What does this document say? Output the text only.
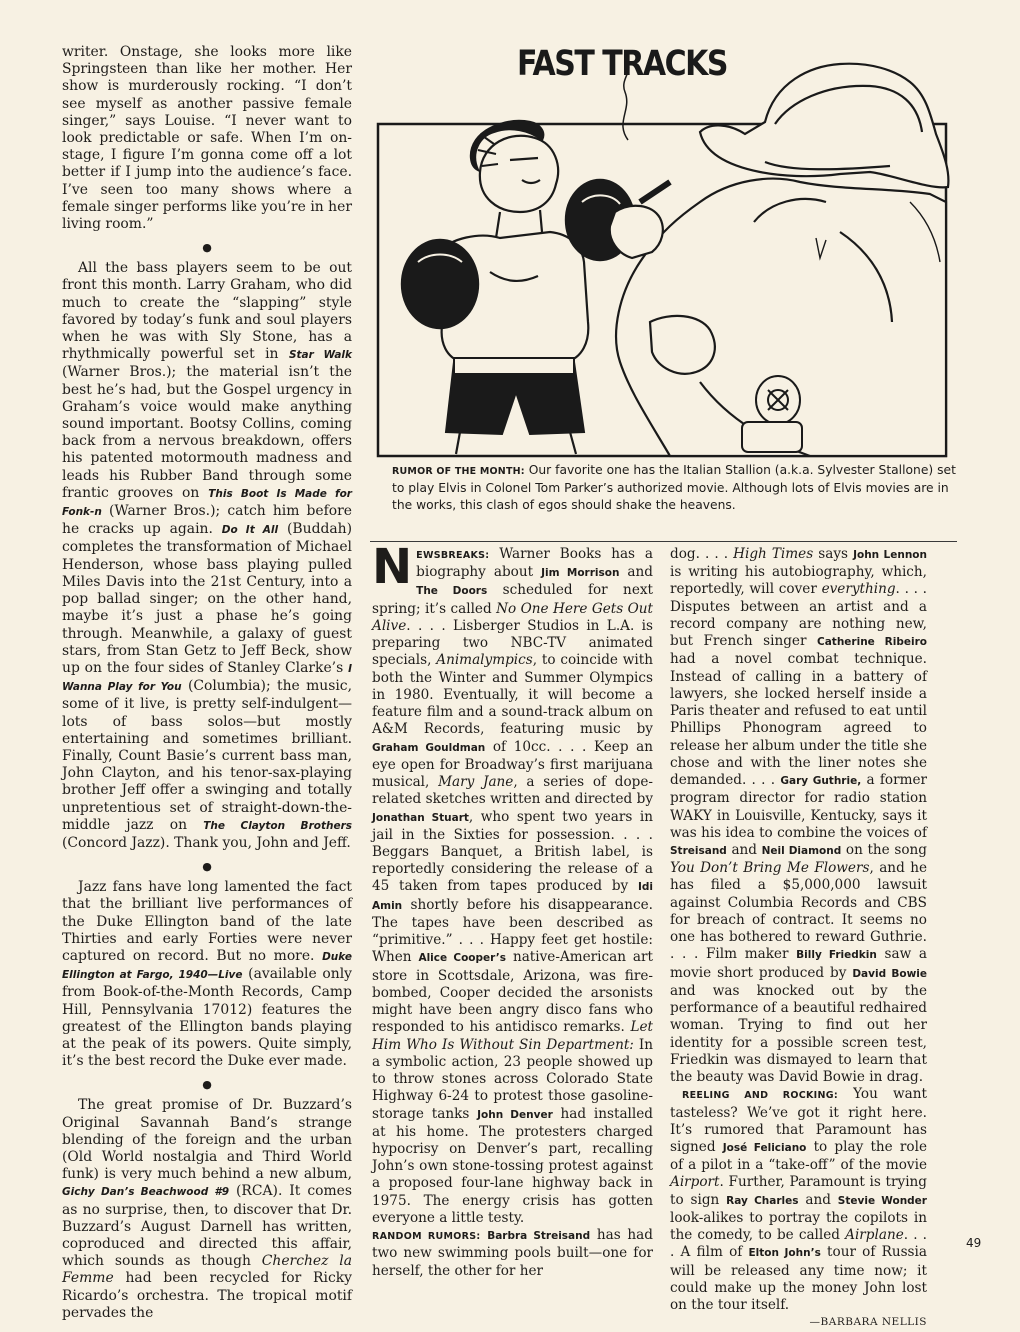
writer. Onstage, she looks more like Springsteen than like her mother. Her show is murderously rocking. “I don’t see myself as another passive female singer,” says Louise. “I never want to look predictable or safe. When I’m on-stage, I figure I’m gonna come off a lot better if I jump into the audience’s face. I’ve seen too many shows where a female singer performs like you’re in her living room.”

●

All the bass players seem to be out front this month. Larry Graham, who did much to create the “slapping” style favored by today’s funk and soul players when he was with Sly Stone, has a rhythmically powerful set in Star Walk (Warner Bros.); the material isn’t the best he’s had, but the Gospel urgency in Graham’s voice would make anything sound important. Bootsy Collins, coming back from a nervous breakdown, offers his patented motormouth madness and leads his Rubber Band through some frantic grooves on This Boot Is Made for Fonk-n (Warner Bros.); catch him before he cracks up again. Do It All (Buddah) completes the transformation of Michael Henderson, whose bass playing pulled Miles Davis into the 21st Century, into a pop ballad singer; on the other hand, maybe it’s just a phase he’s going through. Meanwhile, a galaxy of guest stars, from Stan Getz to Jeff Beck, show up on the four sides of Stanley Clarke’s I Wanna Play for You (Columbia); the music, some of it live, is pretty self-indulgent—lots of bass solos—but mostly entertaining and sometimes brilliant. Finally, Count Basie’s current bass man, John Clayton, and his tenor-sax-playing brother Jeff offer a swinging and totally unpretentious set of straight-down-the-middle jazz on The Clayton Brothers (Concord Jazz). Thank you, John and Jeff.

●

Jazz fans have long lamented the fact that the brilliant live performances of the Duke Ellington band of the late Thirties and early Forties were never captured on record. But no more. Duke Ellington at Fargo, 1940—Live (available only from Book-of-the-Month Records, Camp Hill, Pennsylvania 17012) features the greatest of the Ellington bands playing at the peak of its powers. Quite simply, it’s the best record the Duke ever made.

●

The great promise of Dr. Buzzard’s Original Savannah Band’s strange blending of the foreign and the urban (Old World nostalgia and Third World funk) is very much behind a new album, Gichy Dan’s Beachwood #9 (RCA). It comes as no surprise, then, to discover that Dr. Buzzard’s August Darnell has written, coproduced and directed this affair, which sounds as though Cherchez la Femme had been recycled for Ricky Ricardo’s orchestra. The tropical motif pervades the

FAST TRACKS
RUMOR OF THE MONTH: Our favorite one has the Italian Stallion (a.k.a. Sylvester Stallone) set to play Elvis in Colonel Tom Parker’s authorized movie. Although lots of Elvis movies are in the works, this clash of egos should shake the heavens.

NEWSBREAKS: Warner Books has a biography about Jim Morrison and The Doors scheduled for next spring; it’s called No One Here Gets Out Alive. . . . Lisberger Studios in L.A. is preparing two NBC-TV animated specials, Animalympics, to coincide with both the Winter and Summer Olympics in 1980. Eventually, it will become a feature film and a sound-track album on A&M Records, featuring music by Graham Gouldman of 10cc. . . . Keep an eye open for Broadway’s first marijuana musical, Mary Jane, a series of dope-related sketches written and directed by Jonathan Stuart, who spent two years in jail in the Sixties for possession. . . . Beggars Banquet, a British label, is reportedly considering the release of a 45 taken from tapes produced by Idi Amin shortly before his disappearance. The tapes have been described as “primitive.” . . . Happy feet get hostile: When Alice Cooper’s native-American art store in Scottsdale, Arizona, was fire-bombed, Cooper decided the arsonists might have been angry disco fans who responded to his antidisco remarks. Let Him Who Is Without Sin Department: In a symbolic action, 23 people showed up to throw stones across Colorado State Highway 6-24 to protest those gasoline-storage tanks John Denver had installed at his home. The protesters charged hypocrisy on Denver’s part, recalling John’s own stone-tossing protest against a proposed four-lane highway back in 1975. The energy crisis has gotten everyone a little testy.

RANDOM RUMORS: Barbra Streisand has had two new swimming pools built—one for herself, the other for her

dog. . . . High Times says John Lennon is writing his autobiography, which, reportedly, will cover everything. . . . Disputes between an artist and a record company are nothing new, but French singer Catherine Ribeiro had a novel combat technique. Instead of calling in a battery of lawyers, she locked herself inside a Paris theater and refused to eat until Phillips Phonogram agreed to release her album under the title she chose and with the liner notes she demanded. . . . Gary Guthrie, a former program director for radio station WAKY in Louisville, Kentucky, says it was his idea to combine the voices of Streisand and Neil Diamond on the song You Don’t Bring Me Flowers, and he has filed a $5,000,000 lawsuit against Columbia Records and CBS for breach of contract. It seems no one has bothered to reward Guthrie. . . . Film maker Billy Friedkin saw a movie short produced by David Bowie and was knocked out by the performance of a beautiful redhaired woman. Trying to find out her identity for a possible screen test, Friedkin was dismayed to learn that the beauty was David Bowie in drag.

REELING AND ROCKING: You want tasteless? We’ve got it right here. It’s rumored that Paramount has signed José Feliciano to play the role of a pilot in a “take-off” of the movie Airport. Further, Paramount is trying to sign Ray Charles and Stevie Wonder look-alikes to portray the copilots in the comedy, to be called Airplane. . . . A film of Elton John’s tour of Russia will be released any time now; it could make up the money John lost on the tour itself.

—BARBARA NELLIS

49
